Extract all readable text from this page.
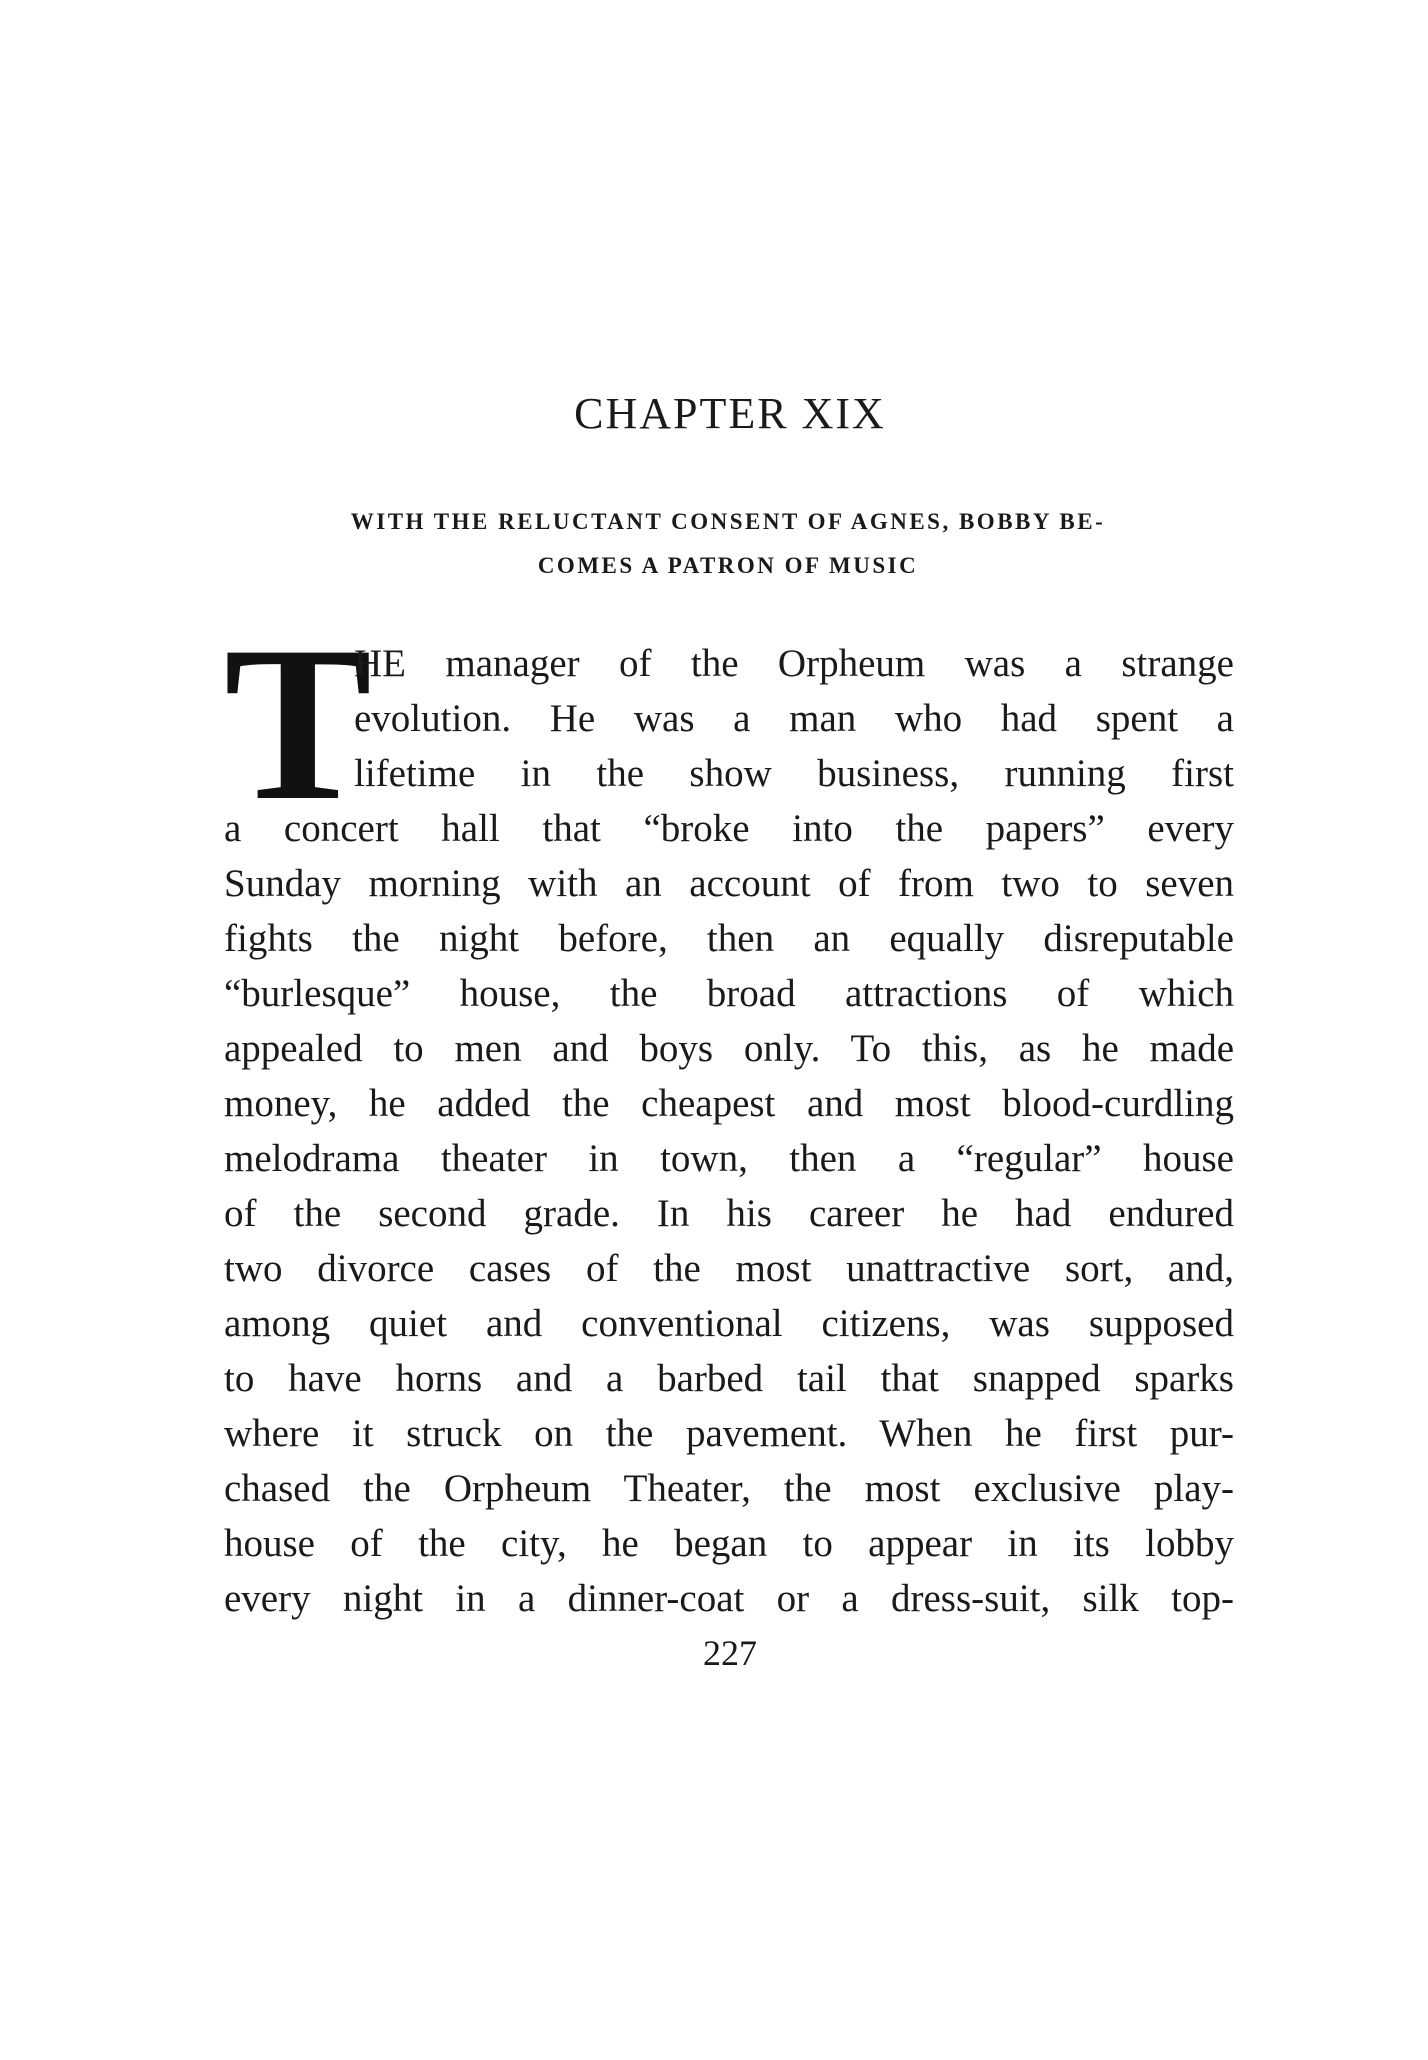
CHAPTER XIX

WITH THE RELUCTANT CONSENT OF AGNES, BOBBY BE-
COMES A PATRON OF MUSIC

T
HE manager of the Orpheum was a strange
evolution. He was a man who had spent a
lifetime in the show business, running first
a concert hall that “broke into the papers” every
Sunday morning with an account of from two to seven
fights the night before, then an equally disreputable
“burlesque” house, the broad attractions of which
appealed to men and boys only. To this, as he made
money, he added the cheapest and most blood-curdling
melodrama theater in town, then a “regular” house
of the second grade. In his career he had endured
two divorce cases of the most unattractive sort, and,
among quiet and conventional citizens, was supposed
to have horns and a barbed tail that snapped sparks
where it struck on the pavement. When he first pur-
chased the Orpheum Theater, the most exclusive play-
house of the city, he began to appear in its lobby
every night in a dinner-coat or a dress-suit, silk top-

227
